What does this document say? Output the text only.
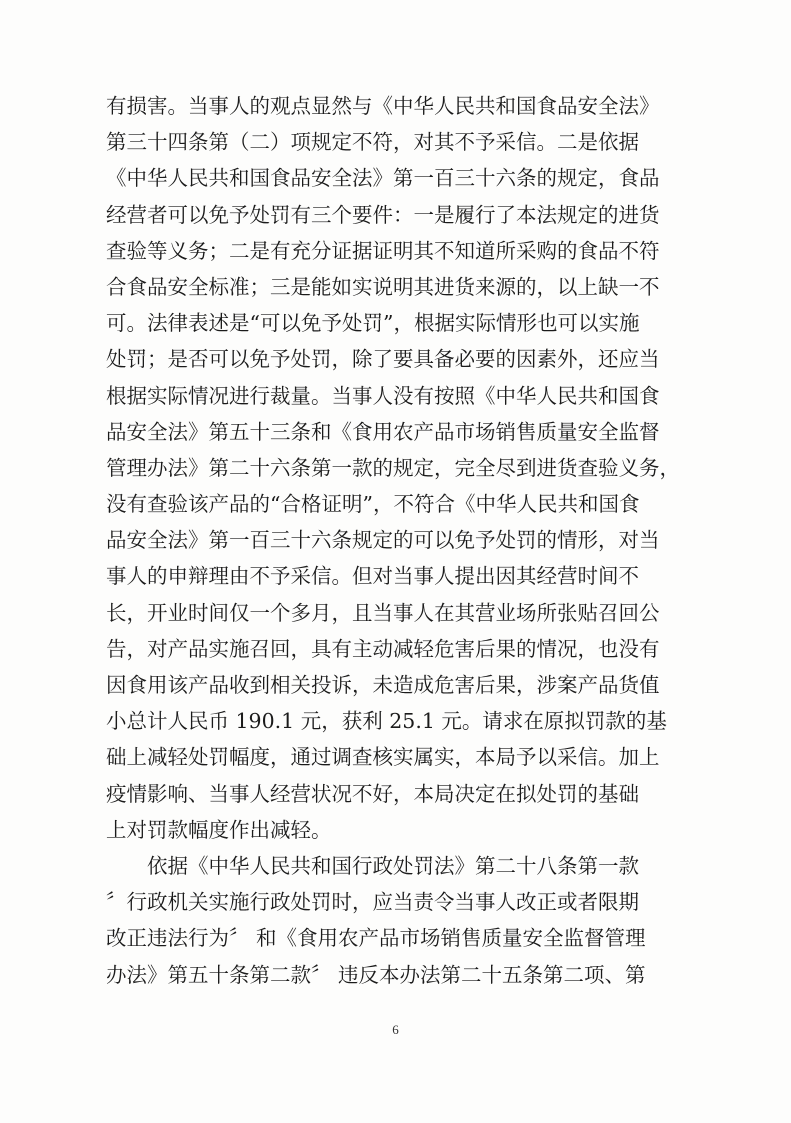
有损害。当事人的观点显然与《中华人民共和国食品安全法》
第三十四条第（二）项规定不符，对其不予采信。二是依据
《中华人民共和国食品安全法》第一百三十六条的规定，食品
经营者可以免予处罚有三个要件：一是履行了本法规定的进货
查验等义务；二是有充分证据证明其不知道所采购的食品不符
合食品安全标准；三是能如实说明其进货来源的，以上缺一不
可。法律表述是“可以免予处罚”，根据实际情形也可以实施
处罚；是否可以免予处罚，除了要具备必要的因素外，还应当
根据实际情况进行裁量。当事人没有按照《中华人民共和国食
品安全法》第五十三条和《食用农产品市场销售质量安全监督
管理办法》第二十六条第一款的规定，完全尽到进货查验义务，
没有查验该产品的“合格证明”，不符合《中华人民共和国食
品安全法》第一百三十六条规定的可以免予处罚的情形，对当
事人的申辩理由不予采信。但对当事人提出因其经营时间不
长，开业时间仅一个多月，且当事人在其营业场所张贴召回公
告，对产品实施召回，具有主动减轻危害后果的情况，也没有
因食用该产品收到相关投诉，未造成危害后果，涉案产品货值
小总计人民币 190.1 元，获利 25.1 元。请求在原拟罚款的基
础上减轻处罚幅度，通过调查核实属实，本局予以采信。加上
疫情影响、当事人经营状况不好，本局决定在拟处罚的基础
上对罚款幅度作出减轻。
依据《中华人民共和国行政处罚法》第二十八条第一款
〞行政机关实施行政处罚时，应当责令当事人改正或者限期
改正违法行为〞 和《食用农产品市场销售质量安全监督管理
办法》第五十条第二款〞 违反本办法第二十五条第二项、第
6
